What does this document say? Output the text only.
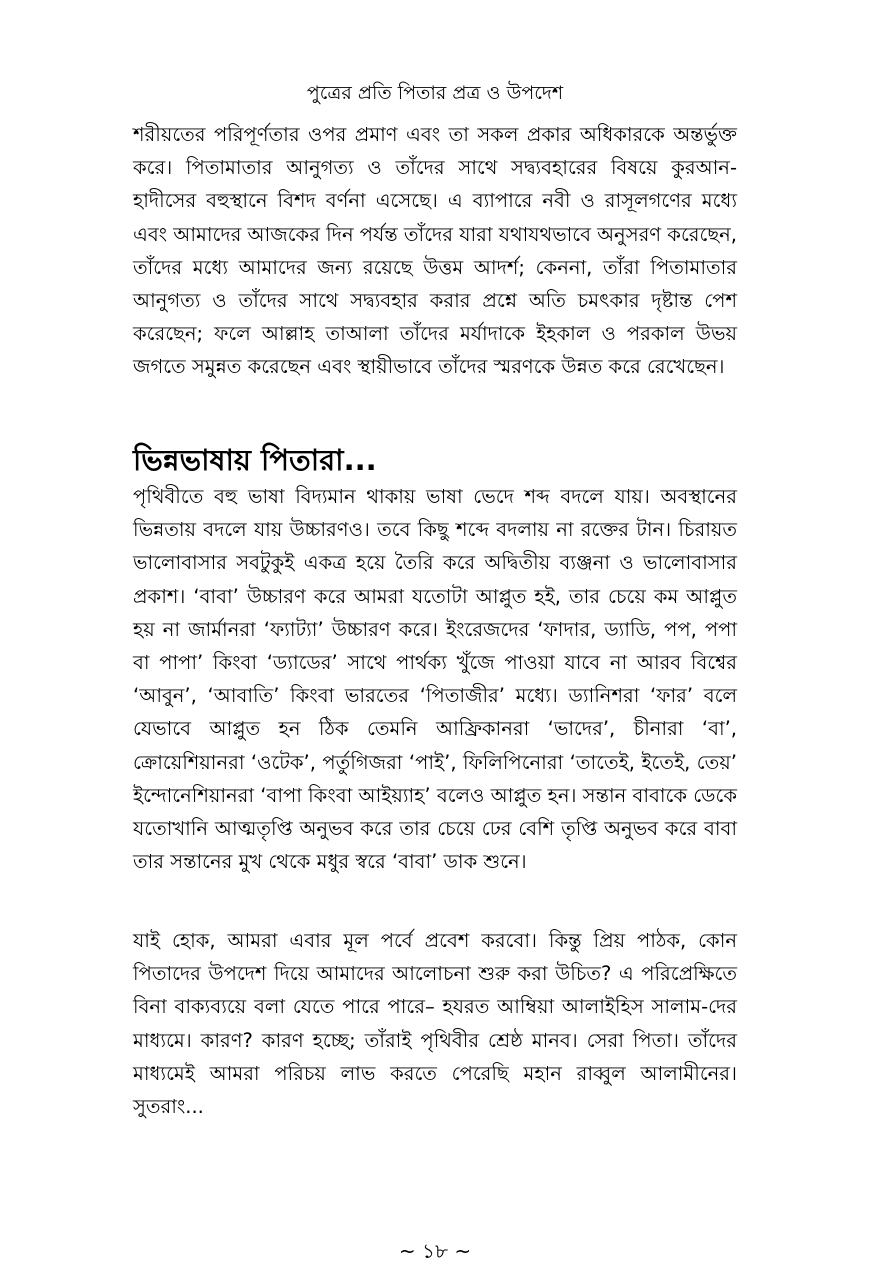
পুত্রের প্রতি পিতার প্রত্র ও উপদেশ
শরীয়তের পরিপূর্ণতার ওপর প্রমাণ এবং তা সকল প্রকার অধিকারকে অন্তর্ভুক্ত করে। পিতামাতার আনুগত্য ও তাঁদের সাথে সদ্ব্যবহারের বিষয়ে কুরআন-হাদীসের বহুস্থানে বিশদ বর্ণনা এসেছে। এ ব্যাপারে নবী ও রাসূলগণের মধ্যে এবং আমাদের আজকের দিন পর্যন্ত তাঁদের যারা যথাযথভাবে অনুসরণ করেছেন, তাঁদের মধ্যে আমাদের জন্য রয়েছে উত্তম আদর্শ; কেননা, তাঁরা পিতামাতার আনুগত্য ও তাঁদের সাথে সদ্ব্যবহার করার প্রশ্নে অতি চমৎকার দৃষ্টান্ত পেশ করেছেন; ফলে আল্লাহ তাআলা তাঁদের মর্যাদাকে ইহকাল ও পরকাল উভয় জগতে সমুন্নত করেছেন এবং স্থায়ীভাবে তাঁদের স্মরণকে উন্নত করে রেখেছেন।
ভিন্নভাষায় পিতারা...
পৃথিবীতে বহু ভাষা বিদ্যমান থাকায় ভাষা ভেদে শব্দ বদলে যায়। অবস্থানের ভিন্নতায় বদলে যায় উচ্চারণও। তবে কিছু শব্দে বদলায় না রক্তের টান। চিরায়ত ভালোবাসার সবটুকুই একত্র হয়ে তৈরি করে অদ্বিতীয় ব্যঞ্জনা ও ভালোবাসার প্রকাশ। ‘বাবা’ উচ্চারণ করে আমরা যতোটা আপ্লুত হই, তার চেয়ে কম আপ্লুত হয় না জার্মানরা ‘ফ্যাট্যা’ উচ্চারণ করে। ইংরেজদের ‘ফাদার, ড্যাডি, পপ, পপা বা পাপা’ কিংবা ‘ড্যাডের’ সাথে পার্থক্য খুঁজে পাওয়া যাবে না আরব বিশ্বের ‘আবুন’, ‘আবাতি’ কিংবা ভারতের ‘পিতাজীর’ মধ্যে। ড্যানিশরা ‘ফার’ বলে যেভাবে আপ্লুত হন ঠিক তেমনি আফ্রিকানরা ‘ভাদের’, চীনারা ‘বা’, ক্রোয়েশিয়ানরা ‘ওটেক’, পর্তুগিজরা ‘পাই’, ফিলিপিনোরা ‘তাতেই, ইতেই, তেয়’ ইন্দোনেশিয়ানরা ‘বাপা কিংবা আইয়্যাহ’ বলেও আপ্লুত হন। সন্তান বাবাকে ডেকে যতোখানি আত্মতৃপ্তি অনুভব করে তার চেয়ে ঢের বেশি তৃপ্তি অনুভব করে বাবা তার সন্তানের মুখ থেকে মধুর স্বরে ‘বাবা’ ডাক শুনে।
যাই হোক, আমরা এবার মূল পর্বে প্রবেশ করবো। কিন্তু প্রিয় পাঠক, কোন পিতাদের উপদেশ দিয়ে আমাদের আলোচনা শুরু করা উচিত? এ পরিপ্রেক্ষিতে বিনা বাক্যব্যয়ে বলা যেতে পারে পারে– হযরত আম্বিয়া আলাইহিস সালাম-দের মাধ্যমে। কারণ? কারণ হচ্ছে; তাঁরাই পৃথিবীর শ্রেষ্ঠ মানব। সেরা পিতা। তাঁদের মাধ্যমেই আমরা পরিচয় লাভ করতে পেরেছি মহান রাব্বুল আলামীনের। সুতরাং...
~ ১৮ ~
